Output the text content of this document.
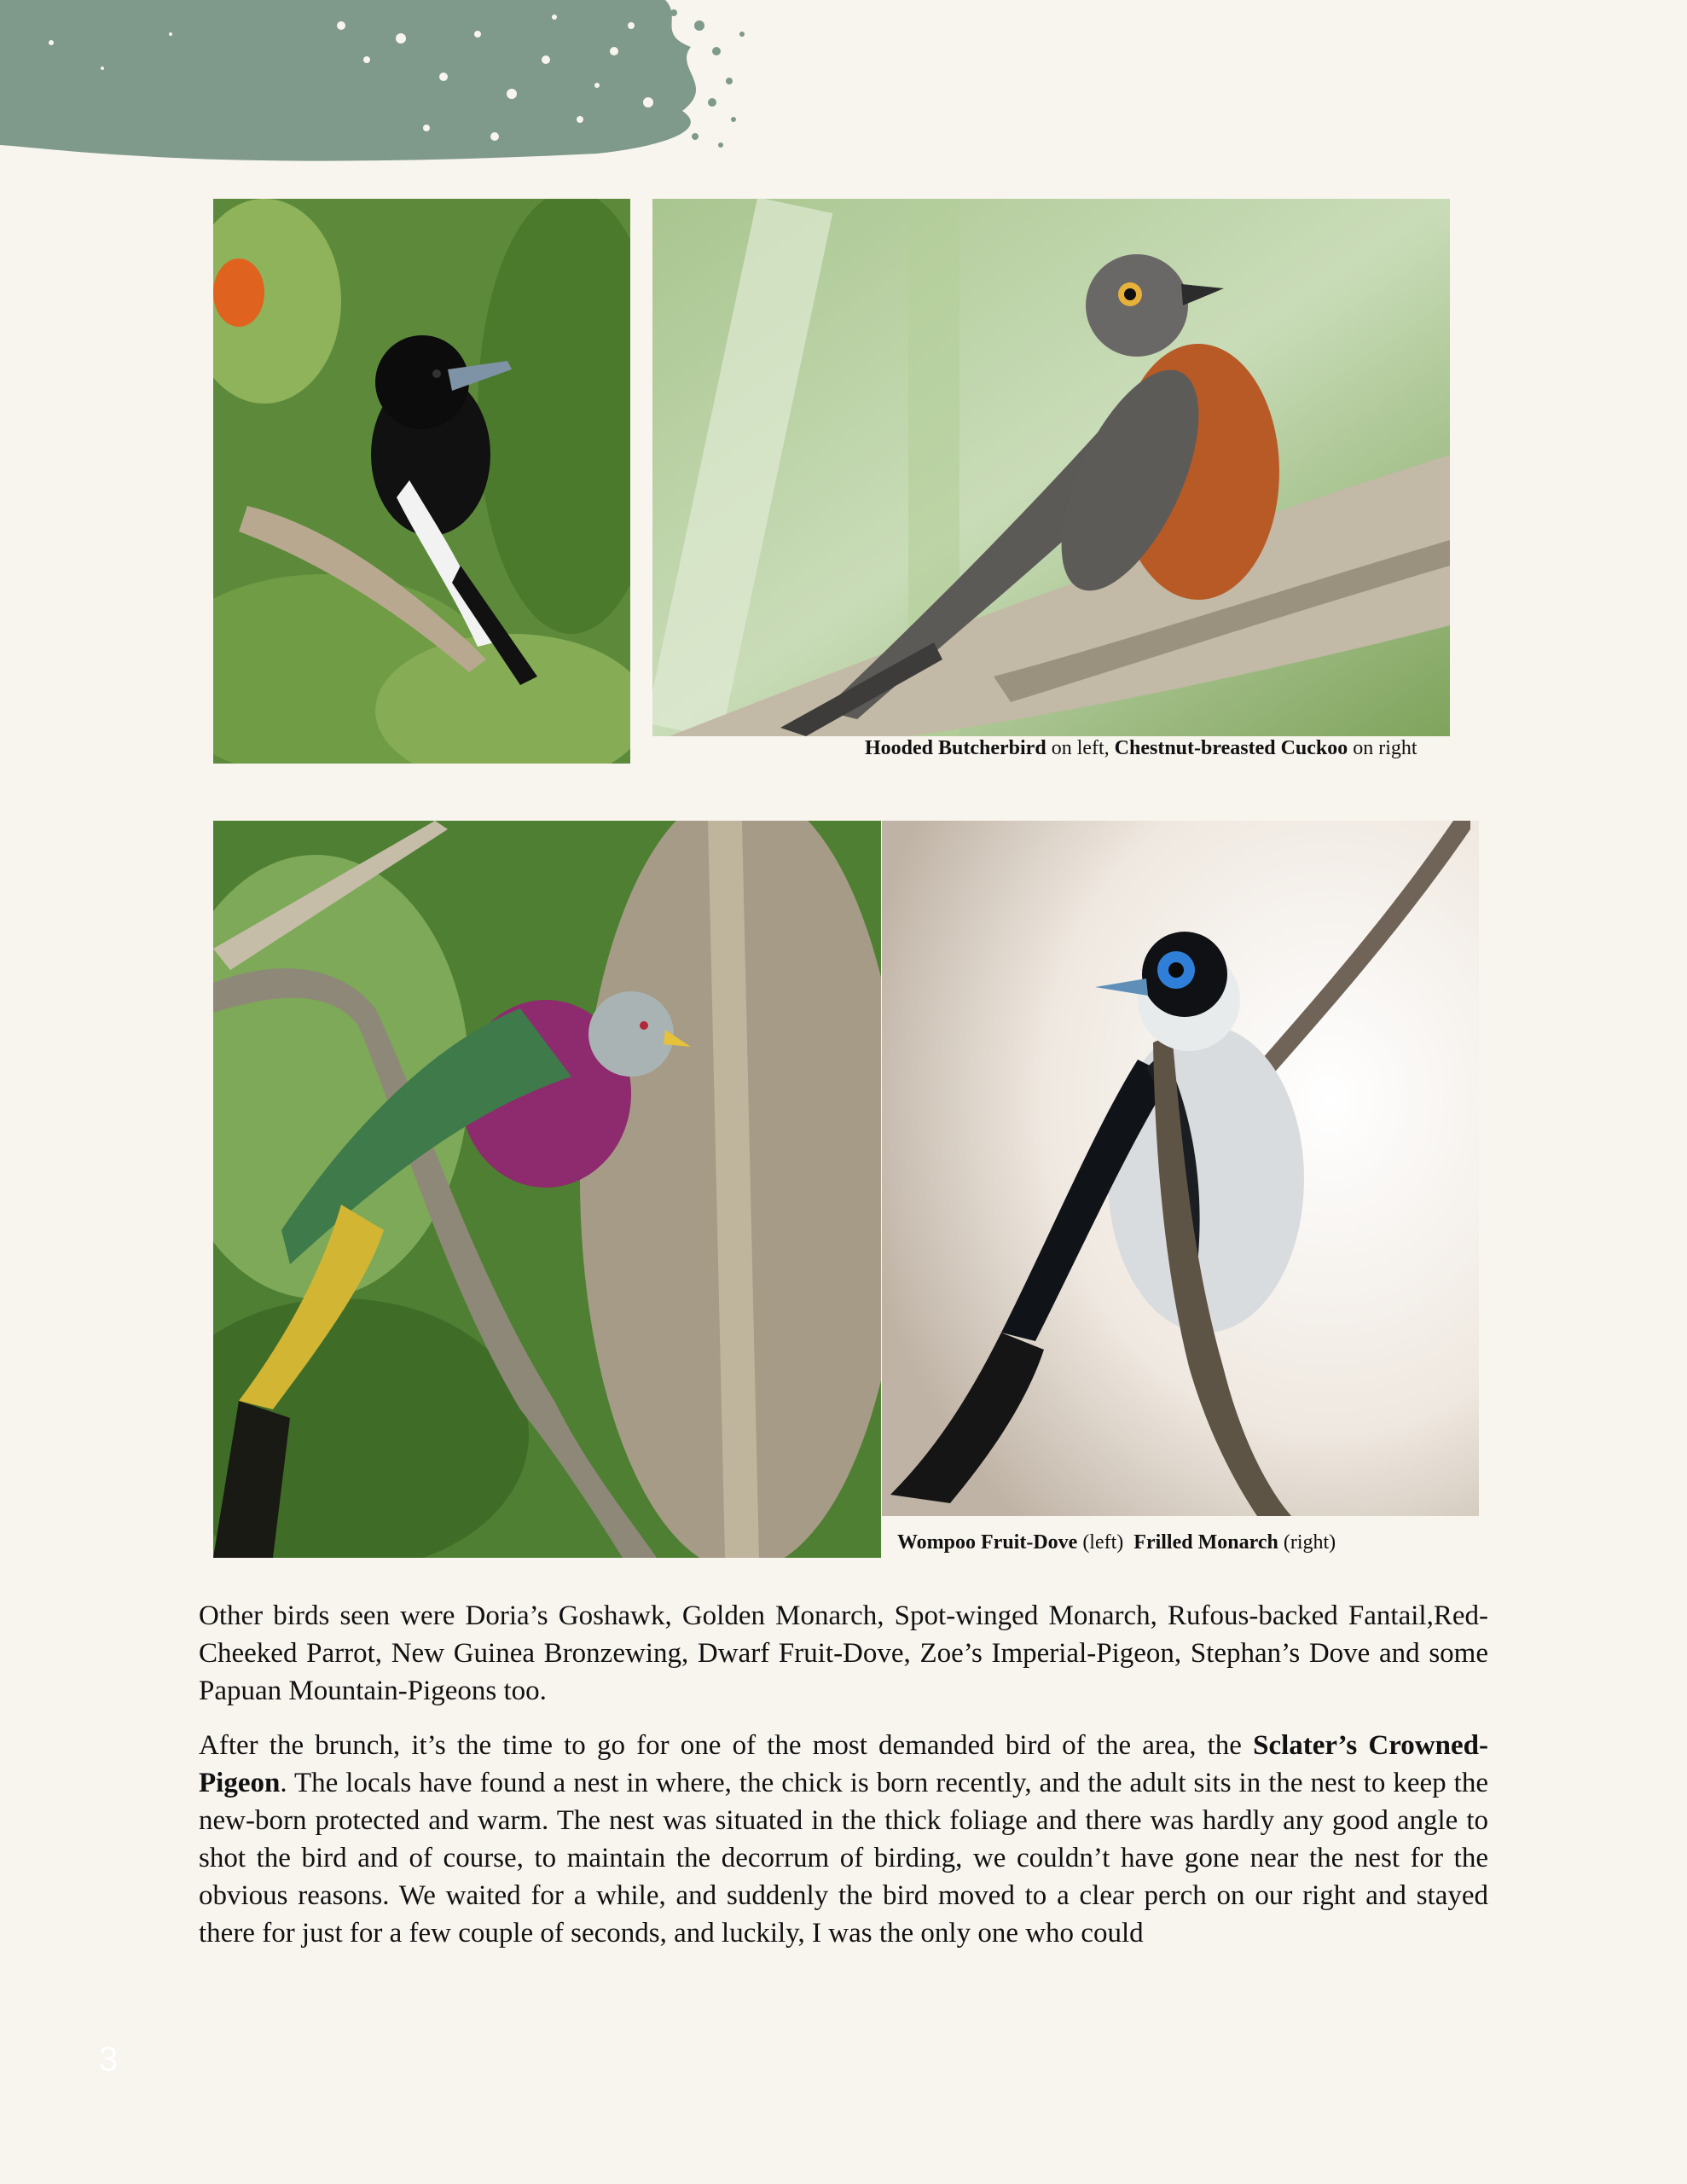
Hooded Butcherbird on left, Chestnut-breasted Cuckoo on right
Wompoo Fruit-Dove (left)  Frilled Monarch (right)

Other birds seen were Doria’s Goshawk, Golden Monarch, Spot-winged Monarch, Rufous-backed Fantail,Red-Cheeked Parrot, New Guinea Bronzewing, Dwarf Fruit-Dove, Zoe’s Imperial-Pigeon, Stephan’s Dove and some Papuan Mountain-Pigeons too.

After the brunch, it’s the time to go for one of the most demanded bird of the area, the Sclater’s Crowned-Pigeon. The locals have found a nest in where, the chick is born recently, and the adult sits in the nest to keep the new-born protected and warm. The nest was situated in the thick foliage and there was hardly any good angle to shot the bird and of course, to maintain the decorrum of birding, we couldn’t have gone near the nest for the obvious reasons. We waited for a while, and suddenly the bird moved to a clear perch on our right and stayed there for just for a few couple of seconds, and luckily, I was the only one who could

3
